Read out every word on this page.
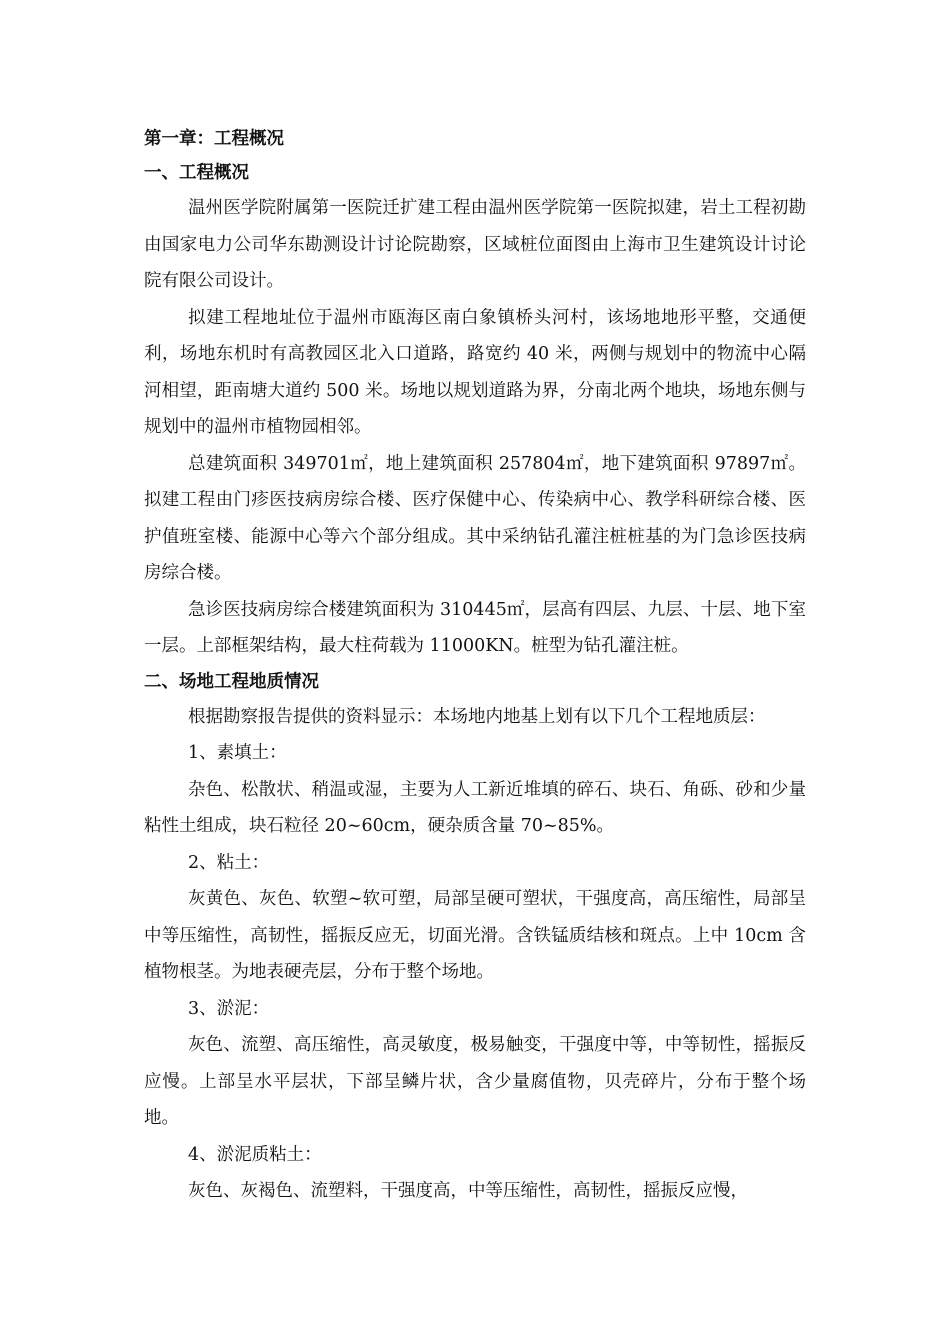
第一章：工程概况
一、工程概况

温州医学院附属第一医院迁扩建工程由温州医学院第一医院拟建，岩土工程初勘由国家电力公司华东勘测设计讨论院勘察，区域桩位面图由上海市卫生建筑设计讨论院有限公司设计。

拟建工程地址位于温州市瓯海区南白象镇桥头河村，该场地地形平整，交通便利，场地东机时有高教园区北入口道路，路宽约 40 米，两侧与规划中的物流中心隔河相望，距南塘大道约 500 米。场地以规划道路为界，分南北两个地块，场地东侧与规划中的温州市植物园相邻。

总建筑面积 349701㎡，地上建筑面积 257804㎡，地下建筑面积 97897㎡。拟建工程由门疹医技病房综合楼、医疗保健中心、传染病中心、教学科研综合楼、医护值班室楼、能源中心等六个部分组成。其中采纳钻孔灌注桩桩基的为门急诊医技病房综合楼。

急诊医技病房综合楼建筑面积为 310445㎡，层高有四层、九层、十层、地下室一层。上部框架结构，最大柱荷载为 11000KN。桩型为钻孔灌注桩。

二、场地工程地质情况

根据勘察报告提供的资料显示：本场地内地基上划有以下几个工程地质层：

1、素填土：

杂色、松散状、稍温或湿，主要为人工新近堆填的碎石、块石、角砾、砂和少量粘性土组成，块石粒径 20~60cm，硬杂质含量 70~85%。

2、粘土：

灰黄色、灰色、软塑~软可塑，局部呈硬可塑状，干强度高，高压缩性，局部呈中等压缩性，高韧性，摇振反应无，切面光滑。含铁锰质结核和斑点。上中 10cm 含植物根茎。为地表硬壳层，分布于整个场地。

3、淤泥：

灰色、流塑、高压缩性，高灵敏度，极易触变，干强度中等，中等韧性，摇振反应慢。上部呈水平层状，下部呈鳞片状，含少量腐值物，贝壳碎片，分布于整个场地。

4、淤泥质粘土：

灰色、灰褐色、流塑料，干强度高，中等压缩性，高韧性，摇振反应慢，
